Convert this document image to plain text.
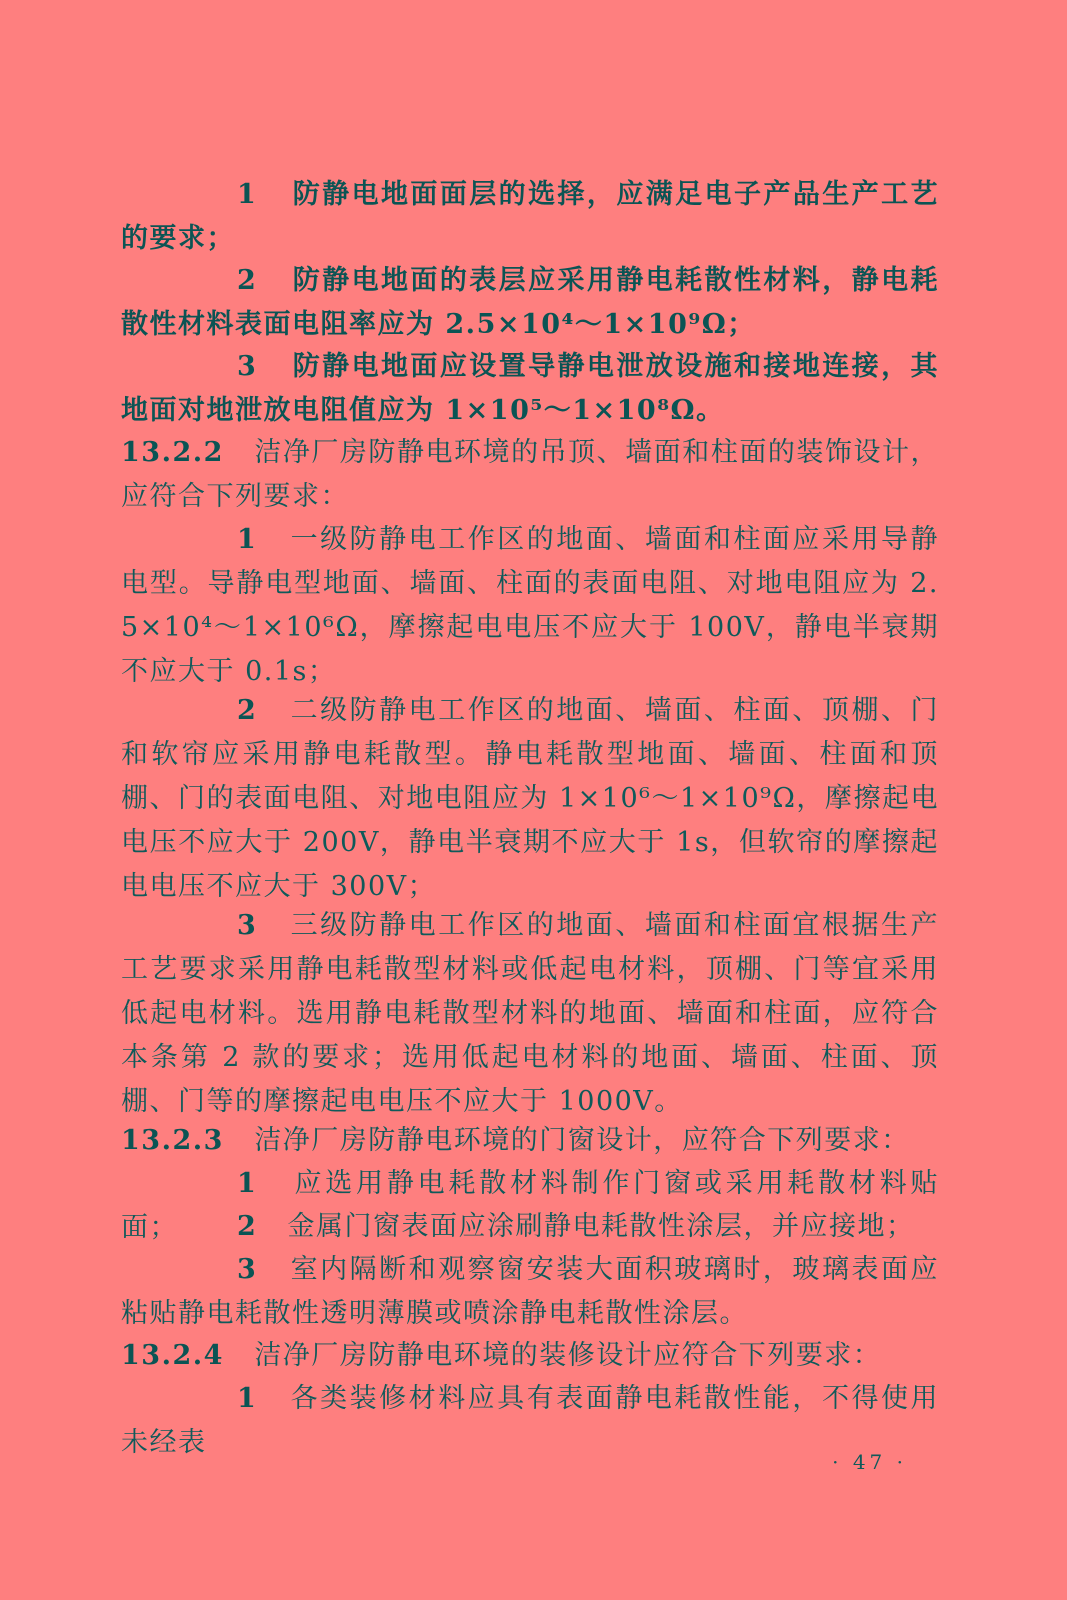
1 防静电地面面层的选择，应满足电子产品生产工艺的要求；

2 防静电地面的表层应采用静电耗散性材料，静电耗散性材料表面电阻率应为 2.5×10⁴～1×10⁹Ω；

3 防静电地面应设置导静电泄放设施和接地连接，其地面对地泄放电阻值应为 1×10⁵～1×10⁸Ω。

13.2.2 洁净厂房防静电环境的吊顶、墙面和柱面的装饰设计，应符合下列要求：

1 一级防静电工作区的地面、墙面和柱面应采用导静电型。导静电型地面、墙面、柱面的表面电阻、对地电阻应为 2.5×10⁴～1×10⁶Ω，摩擦起电电压不应大于 100V，静电半衰期不应大于 0.1s；

2 二级防静电工作区的地面、墙面、柱面、顶棚、门和软帘应采用静电耗散型。静电耗散型地面、墙面、柱面和顶棚、门的表面电阻、对地电阻应为 1×10⁶～1×10⁹Ω，摩擦起电电压不应大于 200V，静电半衰期不应大于 1s，但软帘的摩擦起电电压不应大于 300V；

3 三级防静电工作区的地面、墙面和柱面宜根据生产工艺要求采用静电耗散型材料或低起电材料，顶棚、门等宜采用低起电材料。选用静电耗散型材料的地面、墙面和柱面，应符合本条第 2 款的要求；选用低起电材料的地面、墙面、柱面、顶棚、门等的摩擦起电电压不应大于 1000V。

13.2.3 洁净厂房防静电环境的门窗设计，应符合下列要求：

1 应选用静电耗散材料制作门窗或采用耗散材料贴面；	2 金属门窗表面应涂刷静电耗散性涂层，并应接地；

3 室内隔断和观察窗安装大面积玻璃时，玻璃表面应粘贴静电耗散性透明薄膜或喷涂静电耗散性涂层。

13.2.4 洁净厂房防静电环境的装修设计应符合下列要求：

1 各类装修材料应具有表面静电耗散性能，不得使用未经表

· 47 ·
